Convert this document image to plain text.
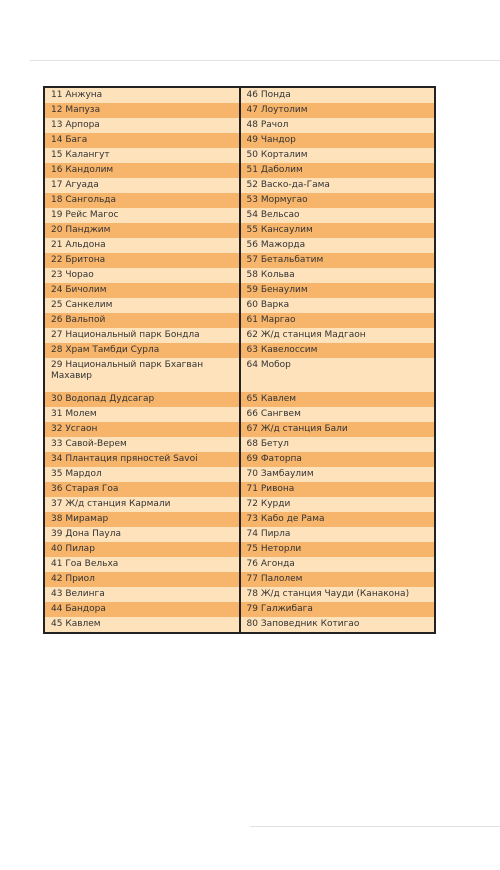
11 Анжуна	46 Понда
12 Мапуза	47 Лоутолим
13 Арпора	48 Рачол
14 Бага	49 Чандор
15 Калангут	50 Корталим
16 Кандолим	51 Даболим
17 Агуада	52 Васко-да-Гама
18 Сангольда	53 Мормугао
19 Рейс Магос	54 Вельсао
20 Панджим	55 Кансаулим
21 Альдона	56 Мажорда
22 Бритона	57 Бетальбатим
23 Чорао	58 Кольва
24 Бичолим	59 Бенаулим
25 Санкелим	60 Варка
26 Вальпой	61 Маргао
27 Национальный парк Бондла	62 Ж/д станция Мадгаон
28 Храм Тамбди Сурла	63 Кавелоссим
29 Национальный парк Бхагван Махавир	64 Мобор
30 Водопад Дудсагар	65 Кавлем
31 Молем	66 Сангвем
32 Усгаон	67 Ж/д станция Бали
33 Савой-Верем	68 Бетул
34 Плантация пряностей Savoi	69 Фаторпа
35 Мардол	70 Замбаулим
36 Старая Гоа	71 Ривона
37 Ж/д станция Кармали	72 Курди
38 Мирамар	73 Кабо де Рама
39 Дона Паула	74 Пирла
40 Пилар	75 Неторли
41 Гоа Вельха	76 Агонда
42 Приол	77 Палолем
43 Велинга	78 Ж/д станция Чауди (Канакона)
44 Бандора	79 Галжибага
45 Кавлем	80 Заповедник Котигао
